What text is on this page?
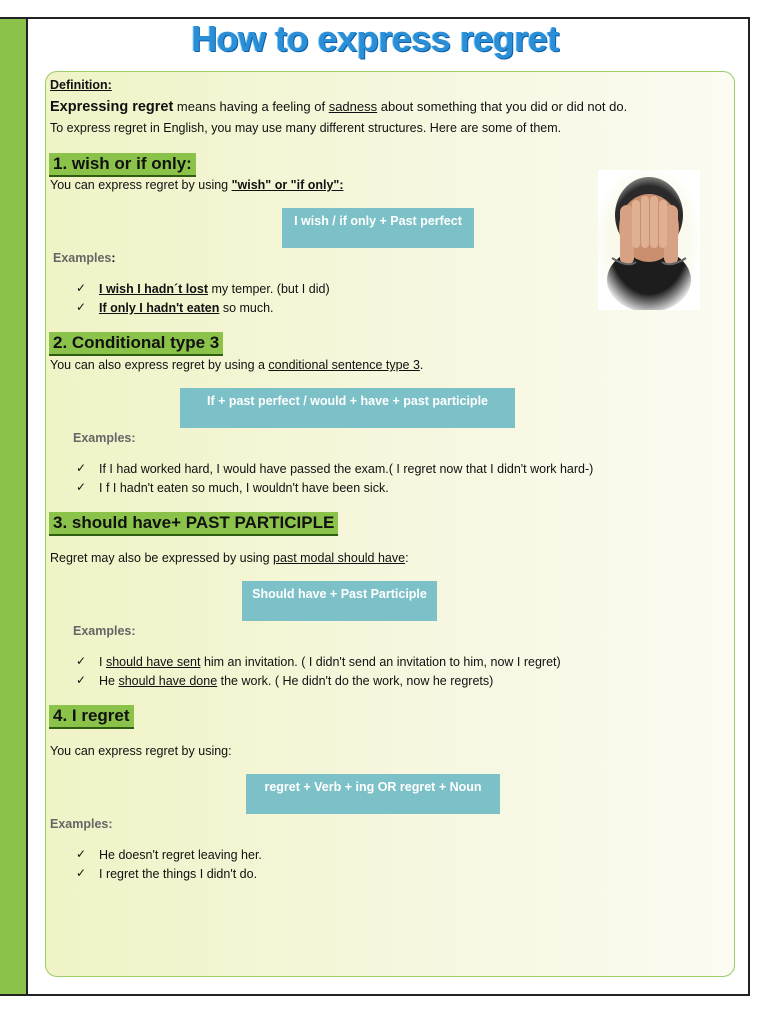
How to express regret
Definition:
Expressing regret means having a feeling of sadness about something that you did or did not do.
To express regret in English, you may use many different structures. Here are some of them.
1. wish or if only:
You can express regret by using "wish" or "if only":
I wish / if only + Past perfect
Examples:
✓ I wish I hadn´t lost my temper. (but I did)
✓ If only I hadn't eaten so much.
2. Conditional type 3
You can also express regret by using a conditional sentence type 3.
If + past perfect / would + have + past participle
Examples:
✓ If I had worked hard, I would have passed the exam.( I regret now that I didn't work hard-)
✓ I f I hadn't eaten so much, I wouldn't have been sick.
3. should have+ PAST PARTICIPLE
Regret may also be expressed by using past modal should have:
Should have + Past Participle
Examples:
✓ I should have sent him an invitation. ( I didn't send an invitation to him, now I regret)
✓ He should have done the work. ( He didn't do the work, now he regrets)
4. I regret
You can express regret by using:
regret + Verb + ing OR regret + Noun
Examples:
✓ He doesn't regret leaving her.
✓ I regret the things I didn't do.
